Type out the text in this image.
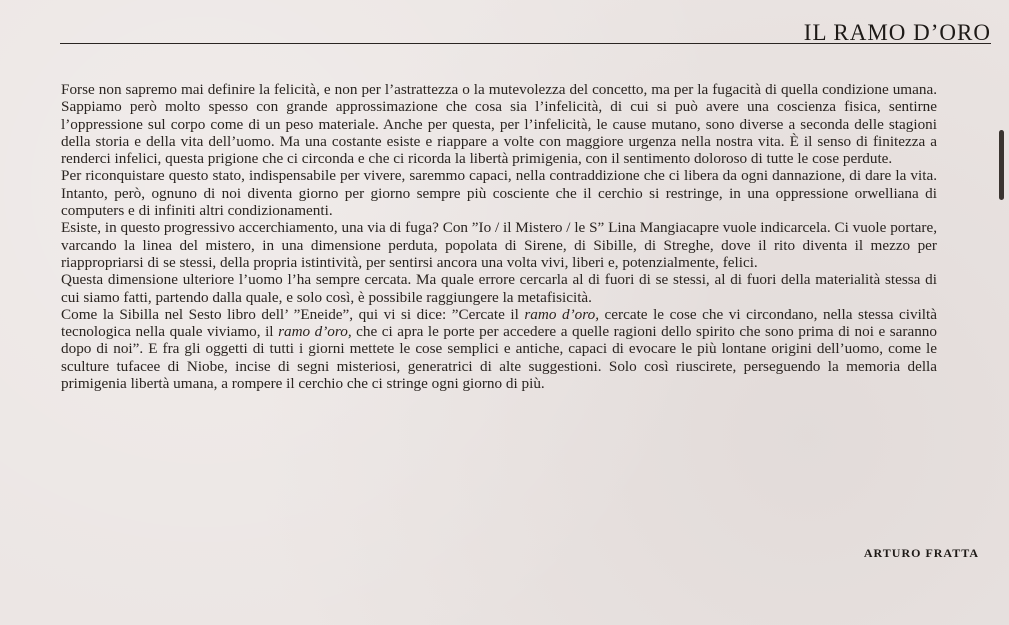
IL RAMO D’ORO

Forse non sapremo mai definire la felicità, e non per l’astrattezza o la mutevolezza del concetto, ma per la fugacità di quella condizione umana. Sappiamo però molto spesso con grande approssimazione che cosa sia l’infelicità, di cui si può avere una coscienza fisica, sentirne l’oppressione sul corpo come di un peso materiale. Anche per questa, per l’infelicità, le cause mutano, sono diverse a seconda delle stagioni della storia e della vita dell’uomo. Ma una costante esiste e riappare a volte con maggiore urgenza nella nostra vita. È il senso di finitezza a renderci infelici, questa prigione che ci circonda e che ci ricorda la libertà primigenia, con il sentimento doloroso di tutte le cose perdute.

Per riconquistare questo stato, indispensabile per vivere, saremmo capaci, nella contraddizione che ci libera da ogni dannazione, di dare la vita. Intanto, però, ognuno di noi diventa giorno per giorno sempre più cosciente che il cerchio si restringe, in una oppressione orwelliana di computers e di infiniti altri condizionamenti.

Esiste, in questo progressivo accerchiamento, una via di fuga? Con ”Io / il Mistero / le S” Lina Mangiacapre vuole indicarcela. Ci vuole portare, varcando la linea del mistero, in una dimensione perduta, popolata di Sirene, di Sibille, di Streghe, dove il rito diventa il mezzo per riappropriarsi di se stessi, della propria istintività, per sentirsi ancora una volta vivi, liberi e, potenzialmente, felici.

Questa dimensione ulteriore l’uomo l’ha sempre cercata. Ma quale errore cercarla al di fuori di se stessi, al di fuori della materialità stessa di cui siamo fatti, partendo dalla quale, e solo così, è possibile raggiungere la metafisicità.

Come la Sibilla nel Sesto libro dell’ ”Eneide”, qui vi si dice: ”Cercate il ramo d’oro, cercate le cose che vi circondano, nella stessa civiltà tecnologica nella quale viviamo, il ramo d’oro, che ci apra le porte per accedere a quelle ragioni dello spirito che sono prima di noi e saranno dopo di noi”. E fra gli oggetti di tutti i giorni mettete le cose semplici e antiche, capaci di evocare le più lontane origini dell’uomo, come le sculture tufacee di Niobe, incise di segni misteriosi, generatrici di alte suggestioni. Solo così riuscirete, perseguendo la memoria della primigenia libertà umana, a rompere il cerchio che ci stringe ogni giorno di più.

ARTURO FRATTA
